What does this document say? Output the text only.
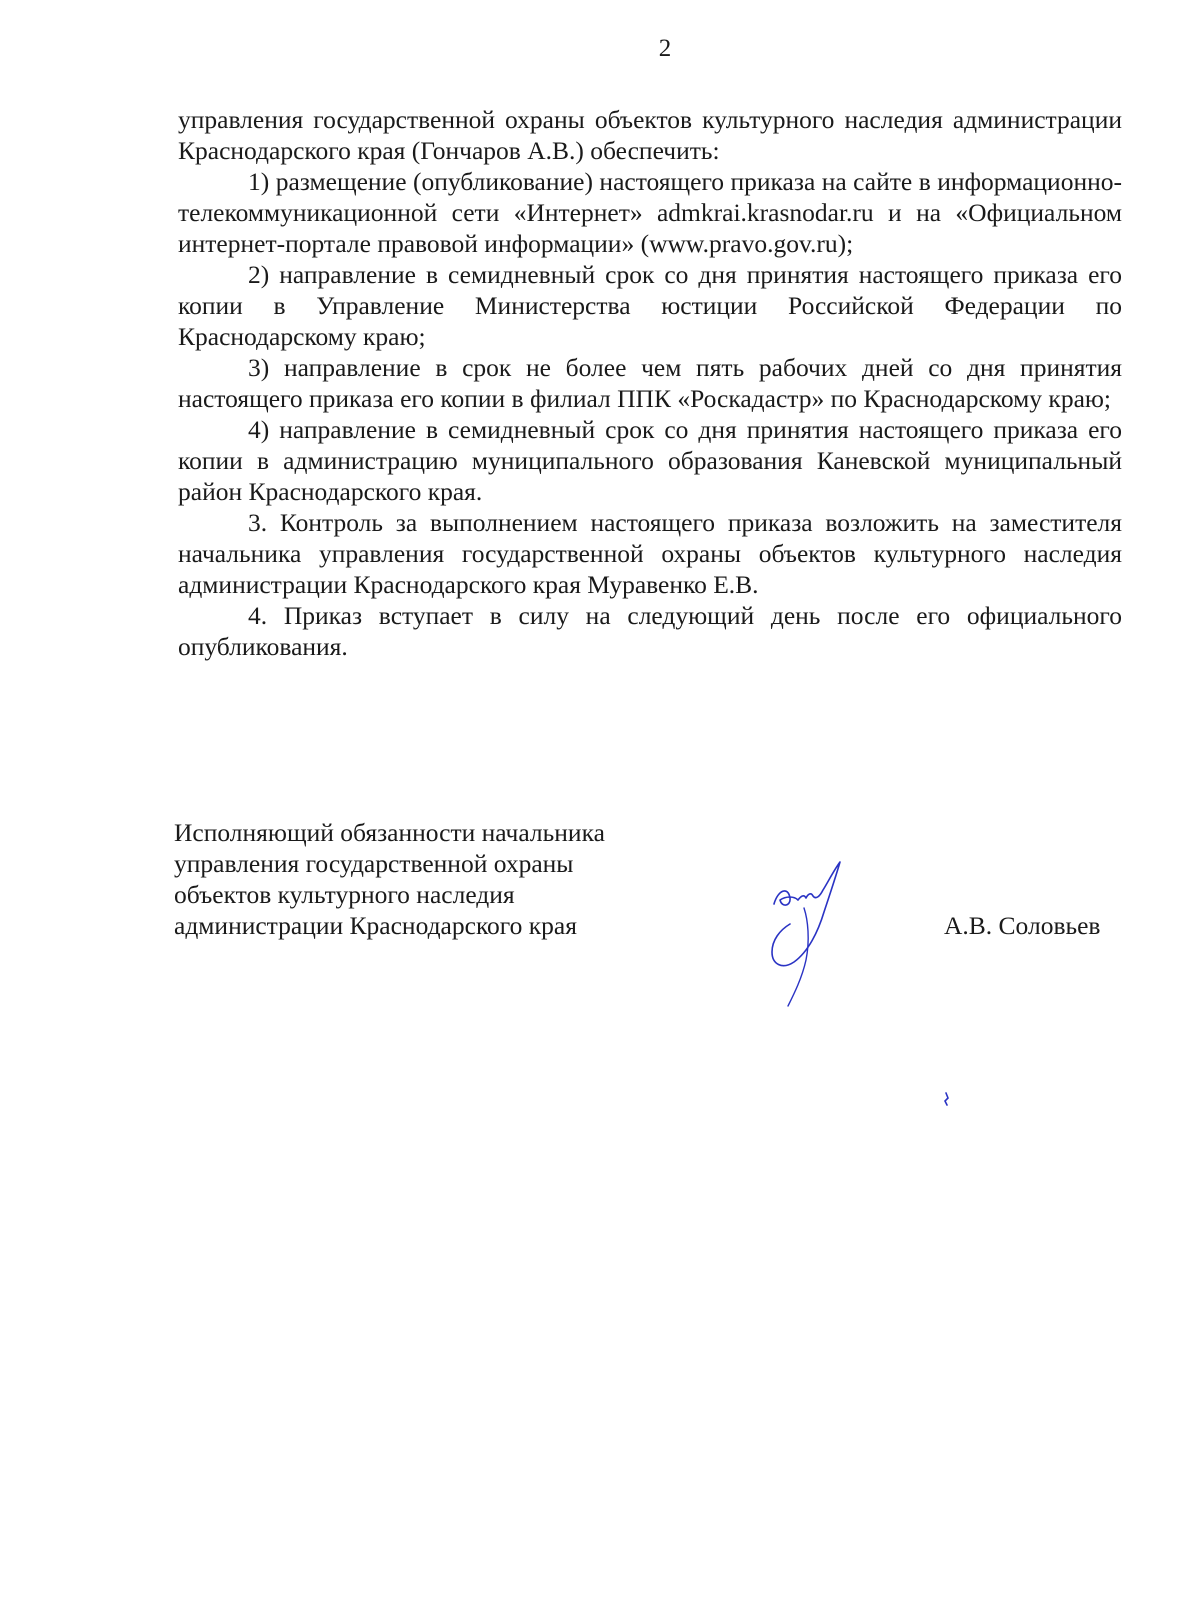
2

управления государственной охраны объектов культурного наследия администрации Краснодарского края (Гончаров А.В.) обеспечить:

1) размещение (опубликование) настоящего приказа на сайте в информационно-телекоммуникационной сети «Интернет» admkrai.krasnodar.ru и на «Официальном интернет-портале правовой информации» (www.pravo.gov.ru);

2) направление в семидневный срок со дня принятия настоящего приказа его копии в Управление Министерства юстиции Российской Федерации по Краснодарскому краю;

3) направление в срок не более чем пять рабочих дней со дня принятия настоящего приказа его копии в филиал ППК «Роскадастр» по Краснодарскому краю;

4) направление в семидневный срок со дня принятия настоящего приказа его копии в администрацию муниципального образования Каневской муниципальный район Краснодарского края.

3. Контроль за выполнением настоящего приказа возложить на заместителя начальника управления государственной охраны объектов культурного наследия администрации Краснодарского края Муравенко Е.В.

4. Приказ вступает в силу на следующий день после его официального опубликования.

Исполняющий обязанности начальника
управления государственной охраны
объектов культурного наследия
администрации Краснодарского края	А.В. Соловьев
